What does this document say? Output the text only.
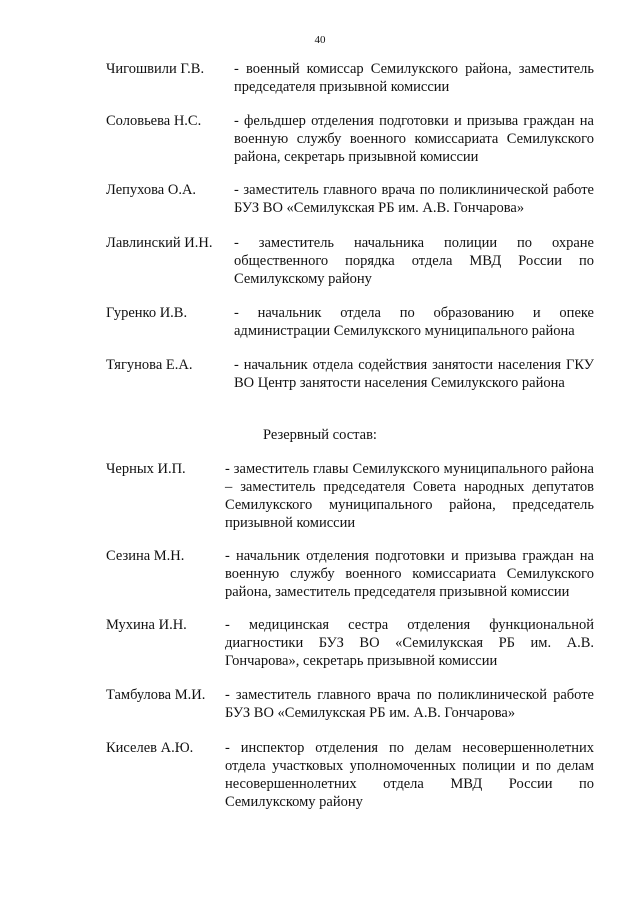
40
Чигошвили Г.В. - военный комиссар Семилукского района, заместитель председателя призывной комиссии
Соловьева Н.С. - фельдшер отделения подготовки и призыва граждан на военную службу военного комиссариата Семилукского района, секретарь призывной комиссии
Лепухова О.А.	- заместитель главного врача по поликлинической работе БУЗ ВО «Семилукская РБ им. А.В. Гончарова»
Лавлинский И.Н. - заместитель начальника полиции по охране общественного порядка отдела МВД России по Семилукскому району
Гуренко И.В.	- начальник отдела по образованию и опеке администрации Семилукского муниципального района
Тягунова Е.А.	- начальник отдела содействия занятости населения ГКУ ВО Центр занятости населения Семилукского района
Резервный состав:
Черных И.П.	- заместитель главы Семилукского муниципального района – заместитель председателя Совета народных депутатов Семилукского муниципального района, председатель призывной комиссии
Сезина М.Н.	- начальник отделения подготовки и призыва граждан на военную службу военного комиссариата Семилукского района, заместитель председателя призывной комиссии
Мухина И.Н.	- медицинская сестра отделения функциональной диагностики БУЗ ВО «Семилукская РБ им. А.В. Гончарова», секретарь призывной комиссии
Тамбулова М.И. - заместитель главного врача по поликлинической работе БУЗ ВО «Семилукская РБ им. А.В. Гончарова»
Киселев А.Ю. - инспектор отделения по делам несовершеннолетних отдела участковых уполномоченных полиции и по делам несовершеннолетних отдела МВД России по Семилукскому району
